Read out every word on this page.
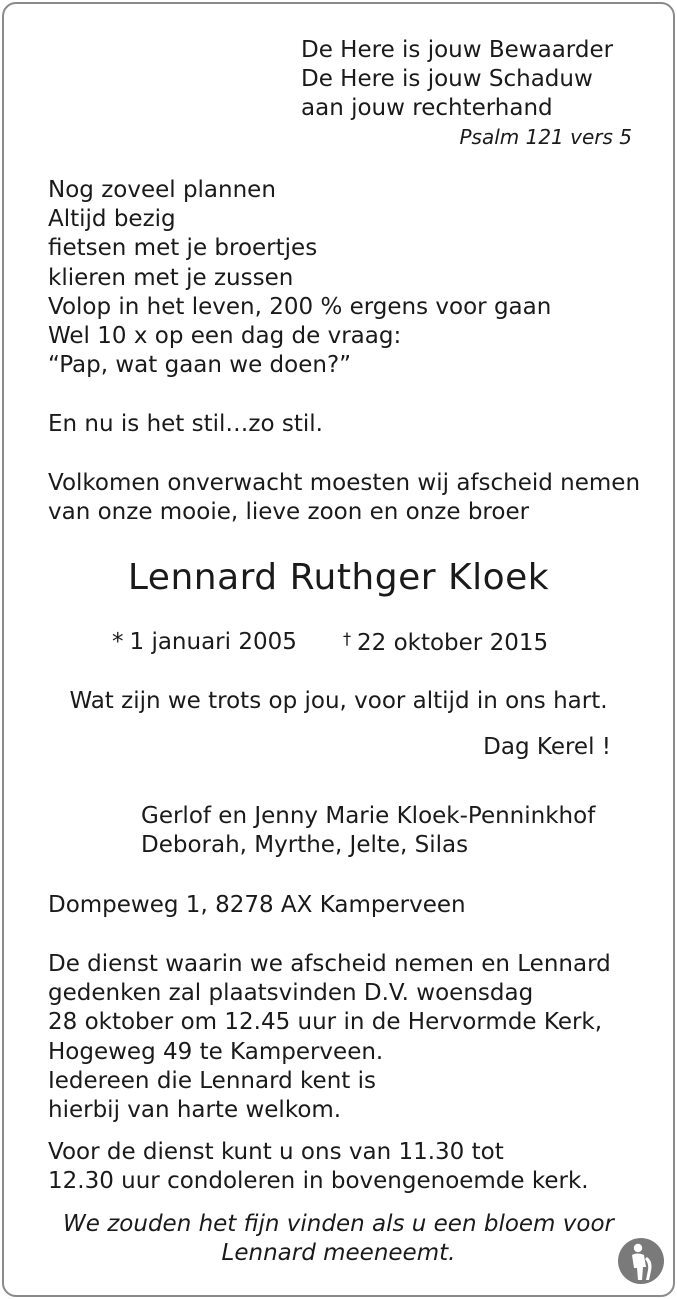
De Here is jouw Bewaarder
De Here is jouw Schaduw
aan jouw rechterhand
Psalm 121 vers 5
Nog zoveel plannen
Altijd bezig
fietsen met je broertjes
klieren met je zussen
Volop in het leven, 200 % ergens voor gaan
Wel 10 x op een dag de vraag:
“Pap, wat gaan we doen?”
En nu is het stil…zo stil.
Volkomen onverwacht moesten wij afscheid nemen
van onze mooie, lieve zoon en onze broer
Lennard Ruthger Kloek
* 1 januari 2005	† 22 oktober 2015
Wat zijn we trots op jou, voor altijd in ons hart.
Dag Kerel !
Gerlof en Jenny Marie Kloek-Penninkhof
Deborah, Myrthe, Jelte, Silas
Dompeweg 1, 8278 AX Kamperveen
De dienst waarin we afscheid nemen en Lennard
gedenken zal plaatsvinden D.V. woensdag
28 oktober om 12.45 uur in de Hervormde Kerk,
Hogeweg 49 te Kamperveen.
Iedereen die Lennard kent is
hierbij van harte welkom.
Voor de dienst kunt u ons van 11.30 tot
12.30 uur condoleren in bovengenoemde kerk.
We zouden het fijn vinden als u een bloem voor
Lennard meeneemt.
